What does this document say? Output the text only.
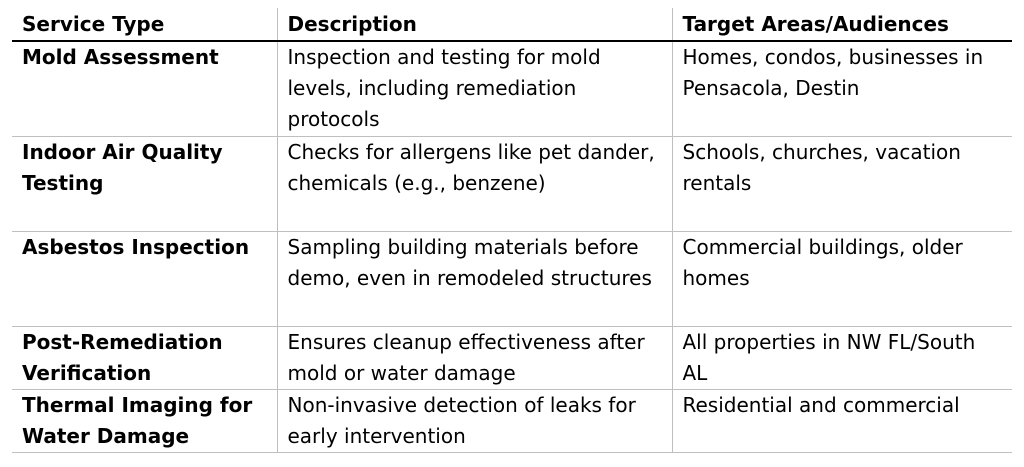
Service Type	Description	Target Areas/Audiences
Mold Assessment	Inspection and testing for mold levels, including remediation protocols	Homes, condos, businesses in Pensacola, Destin
Indoor Air Quality Testing	Checks for allergens like pet dander, chemicals (e.g., benzene)	Schools, churches, vacation rentals
Asbestos Inspection	Sampling building materials before demo, even in remodeled structures	Commercial buildings, older homes
Post-Remediation Verification	Ensures cleanup effectiveness after mold or water damage	All properties in NW FL/South AL
Thermal Imaging for Water Damage	Non-invasive detection of leaks for early intervention	Residential and commercial
